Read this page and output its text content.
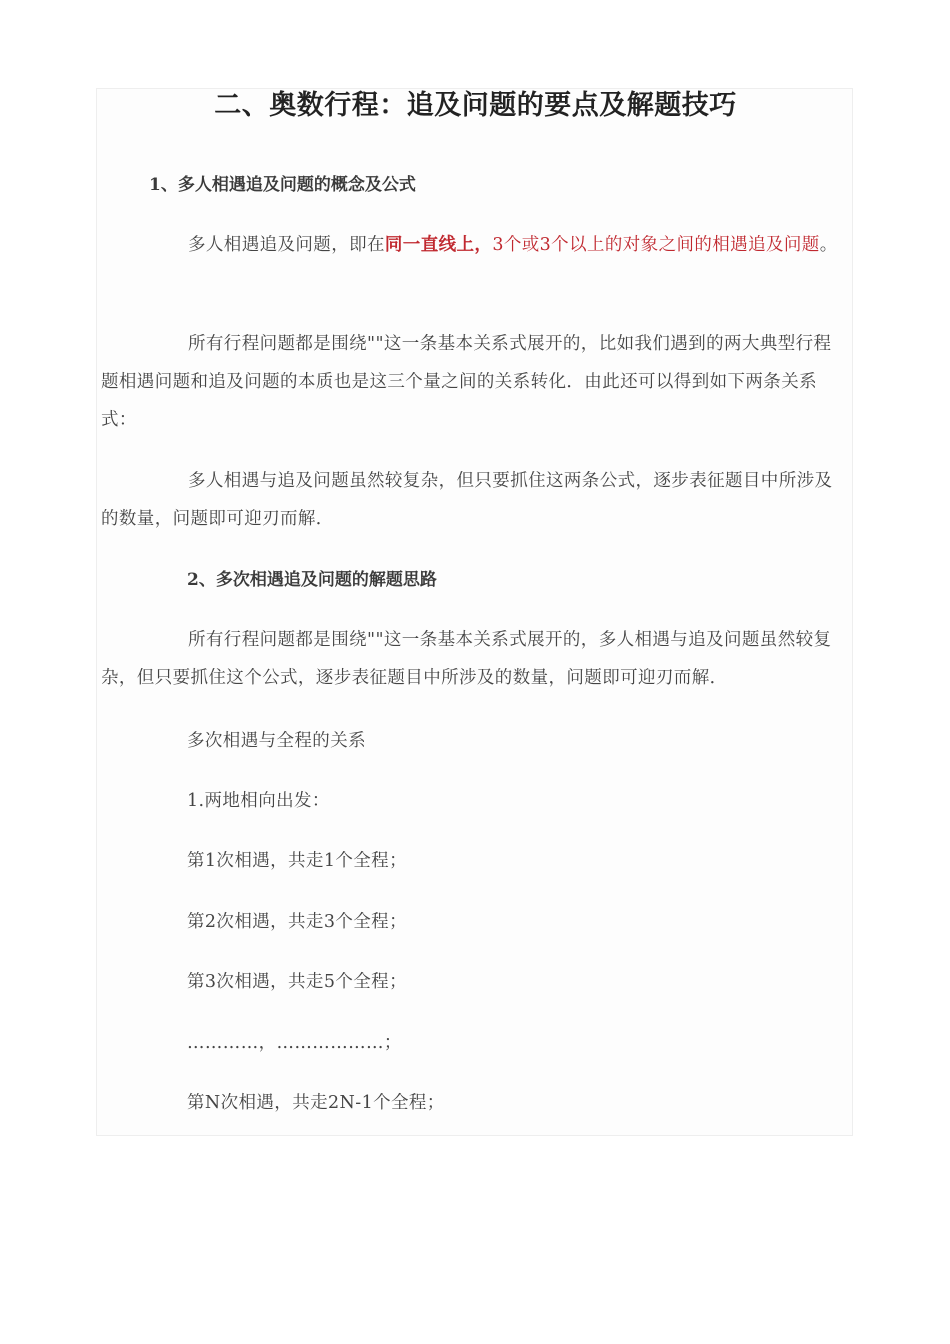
二、奥数行程：追及问题的要点及解题技巧
1、多人相遇追及问题的概念及公式

多人相遇追及问题，即在同一直线上，3个或3个以上的对象之间的相遇追及问题。

所有行程问题都是围绕""这一条基本关系式展开的，比如我们遇到的两大典型行程题相遇问题和追及问题的本质也是这三个量之间的关系转化．由此还可以得到如下两条关系式：

多人相遇与追及问题虽然较复杂，但只要抓住这两条公式，逐步表征题目中所涉及的数量，问题即可迎刃而解．

2、多次相遇追及问题的解题思路

所有行程问题都是围绕""这一条基本关系式展开的，多人相遇与追及问题虽然较复杂，但只要抓住这个公式，逐步表征题目中所涉及的数量，问题即可迎刃而解．

多次相遇与全程的关系

1.两地相向出发：

第1次相遇，共走1个全程；

第2次相遇，共走3个全程；

第3次相遇，共走5个全程；

…………，………………；

第N次相遇，共走2N-1个全程；
